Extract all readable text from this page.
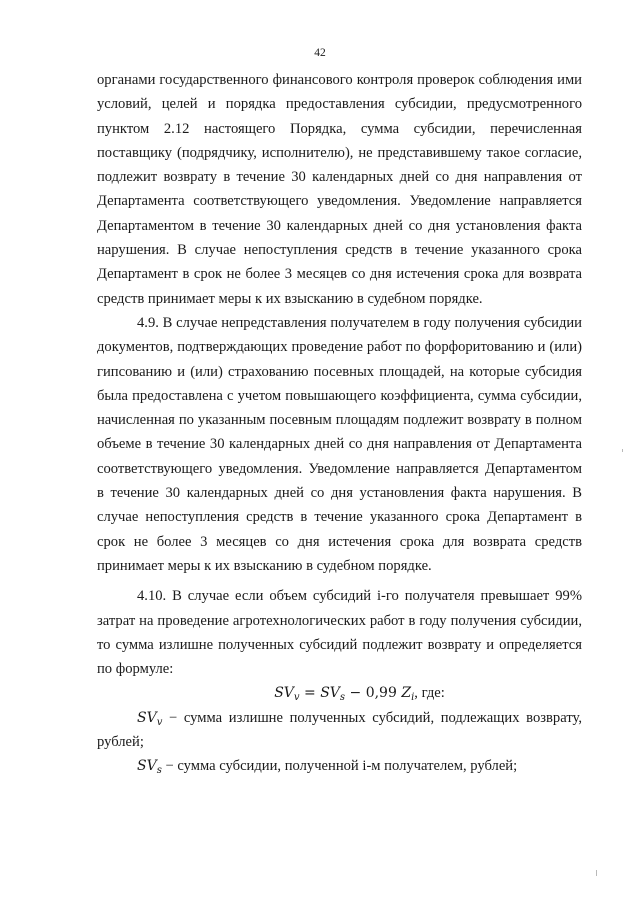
42

органами государственного финансового контроля проверок соблюдения ими условий, целей и порядка предоставления субсидии, предусмотренного пунктом 2.12 настоящего Порядка, сумма субсидии, перечисленная поставщику (подрядчику, исполнителю), не представившему такое согласие, подлежит возврату в течение 30 календарных дней со дня направления от Департамента соответствующего уведомления. Уведомление направляется Департаментом в течение 30 календарных дней со дня установления факта нарушения. В случае непоступления средств в течение указанного срока Департамент в срок не более 3 месяцев со дня истечения срока для возврата средств принимает меры к их взысканию в судебном порядке.

4.9. В случае непредставления получателем в году получения субсидии документов, подтверждающих проведение работ по форфоритованию и (или) гипсованию и (или) страхованию посевных площадей, на которые субсидия была предоставлена с учетом повышающего коэффициента, сумма субсидии, начисленная по указанным посевным площадям подлежит возврату в полном объеме в течение 30 календарных дней со дня направления от Департамента соответствующего уведомления. Уведомление направляется Департаментом в течение 30 календарных дней со дня установления факта нарушения. В случае непоступления средств в течение указанного срока Департамент в срок не более 3 месяцев со дня истечения срока для возврата средств принимает меры к их взысканию в судебном порядке.

4.10. В случае если объем субсидий i-го получателя превышает 99% затрат на проведение агротехнологических работ в году получения субсидии, то сумма излишне полученных субсидий подлежит возврату и определяется по формуле:

$SV_v = SV_s - 0,99$ $Z_i$, где:

$SV_v$ − сумма излишне полученных субсидий, подлежащих возврату, рублей;

$SV_s$ − сумма субсидии, полученной i-м получателем, рублей;
